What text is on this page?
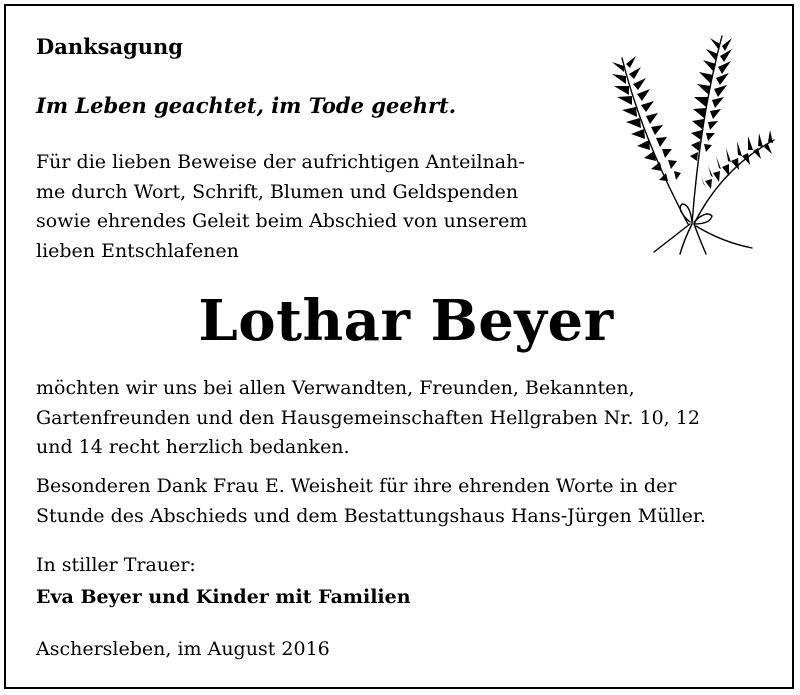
Danksagung
Im Leben geachtet, im Tode geehrt.
Für die lieben Beweise der aufrichtigen Anteilnah-
me durch Wort, Schrift, Blumen und Geldspenden
sowie ehrendes Geleit beim Abschied von unserem
lieben Entschlafenen
Lothar Beyer
möchten wir uns bei allen Verwandten, Freunden, Bekannten,
Gartenfreunden und den Hausgemeinschaften Hellgraben Nr. 10, 12
und 14 recht herzlich bedanken.
Besonderen Dank Frau E. Weisheit für ihre ehrenden Worte in der
Stunde des Abschieds und dem Bestattungshaus Hans-Jürgen Müller.
In stiller Trauer:
Eva Beyer und Kinder mit Familien
Aschersleben, im August 2016
